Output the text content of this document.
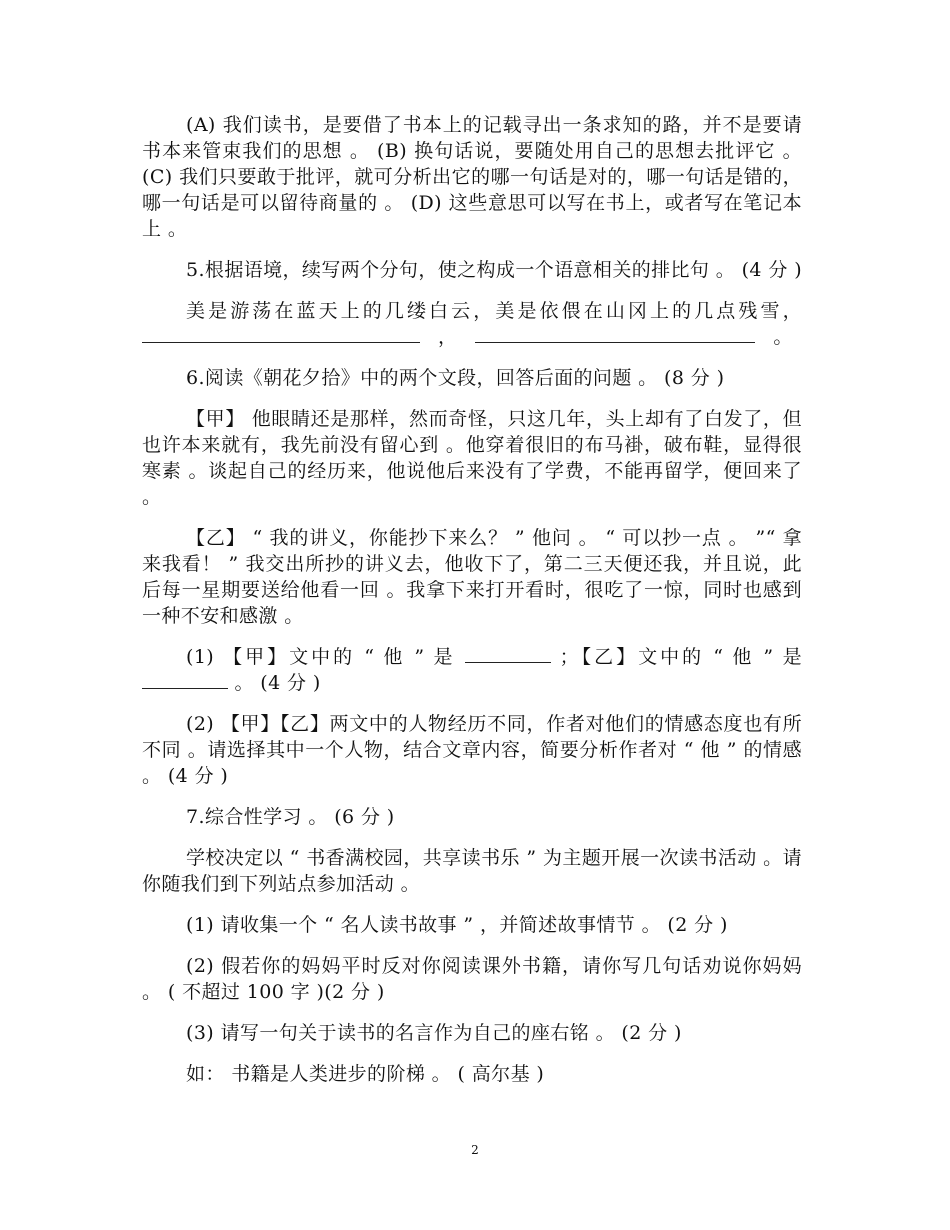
(A) 我们读书，是要借了书本上的记载寻出一条求知的路，并不是要请书本来管束我们的思想 。 (B) 换句话说，要随处用自己的思想去批评它 。 (C) 我们只要敢于批评，就可分析出它的哪一句话是对的，哪一句话是错的，哪一句话是可以留待商量的 。 (D) 这些意思可以写在书上，或者写在笔记本上 。

5.根据语境，续写两个分句，使之构成一个语意相关的排比句 。 (4 分 )

美是游荡在蓝天上的几缕白云，美是依偎在山冈上的几点残雪，，	。

6.阅读《朝花夕拾》中的两个文段，回答后面的问题 。 (8 分 )

【甲】 他眼睛还是那样，然而奇怪，只这几年，头上却有了白发了，但也许本来就有，我先前没有留心到 。他穿着很旧的布马褂，破布鞋，显得很寒素 。谈起自己的经历来，他说他后来没有了学费，不能再留学，便回来了 。

【乙】 “ 我的讲义，你能抄下来么？ ” 他问 。 “ 可以抄一点 。 ”“ 拿来我看！ ” 我交出所抄的讲义去，他收下了，第二三天便还我，并且说，此后每一星期要送给他看一回 。我拿下来打开看时，很吃了一惊，同时也感到一种不安和感激 。

(1) 【甲】文中的 “ 他 ” 是	；【乙】文中的 “ 他 ” 是  。 (4 分 )

(2) 【甲】【乙】两文中的人物经历不同，作者对他们的情感态度也有所不同 。请选择其中一个人物，结合文章内容，简要分析作者对 “ 他 ” 的情感 。 (4 分 )

7.综合性学习 。 (6 分 )

学校决定以 “ 书香满校园，共享读书乐 ” 为主题开展一次读书活动 。请你随我们到下列站点参加活动 。

(1) 请收集一个 “ 名人读书故事 ” ，并简述故事情节 。 (2 分 )

(2) 假若你的妈妈平时反对你阅读课外书籍，请你写几句话劝说你妈妈 。 ( 不超过 100 字 )(2 分 )

(3) 请写一句关于读书的名言作为自己的座右铭 。 (2 分 )

如： 书籍是人类进步的阶梯 。 ( 高尔基 )

2
